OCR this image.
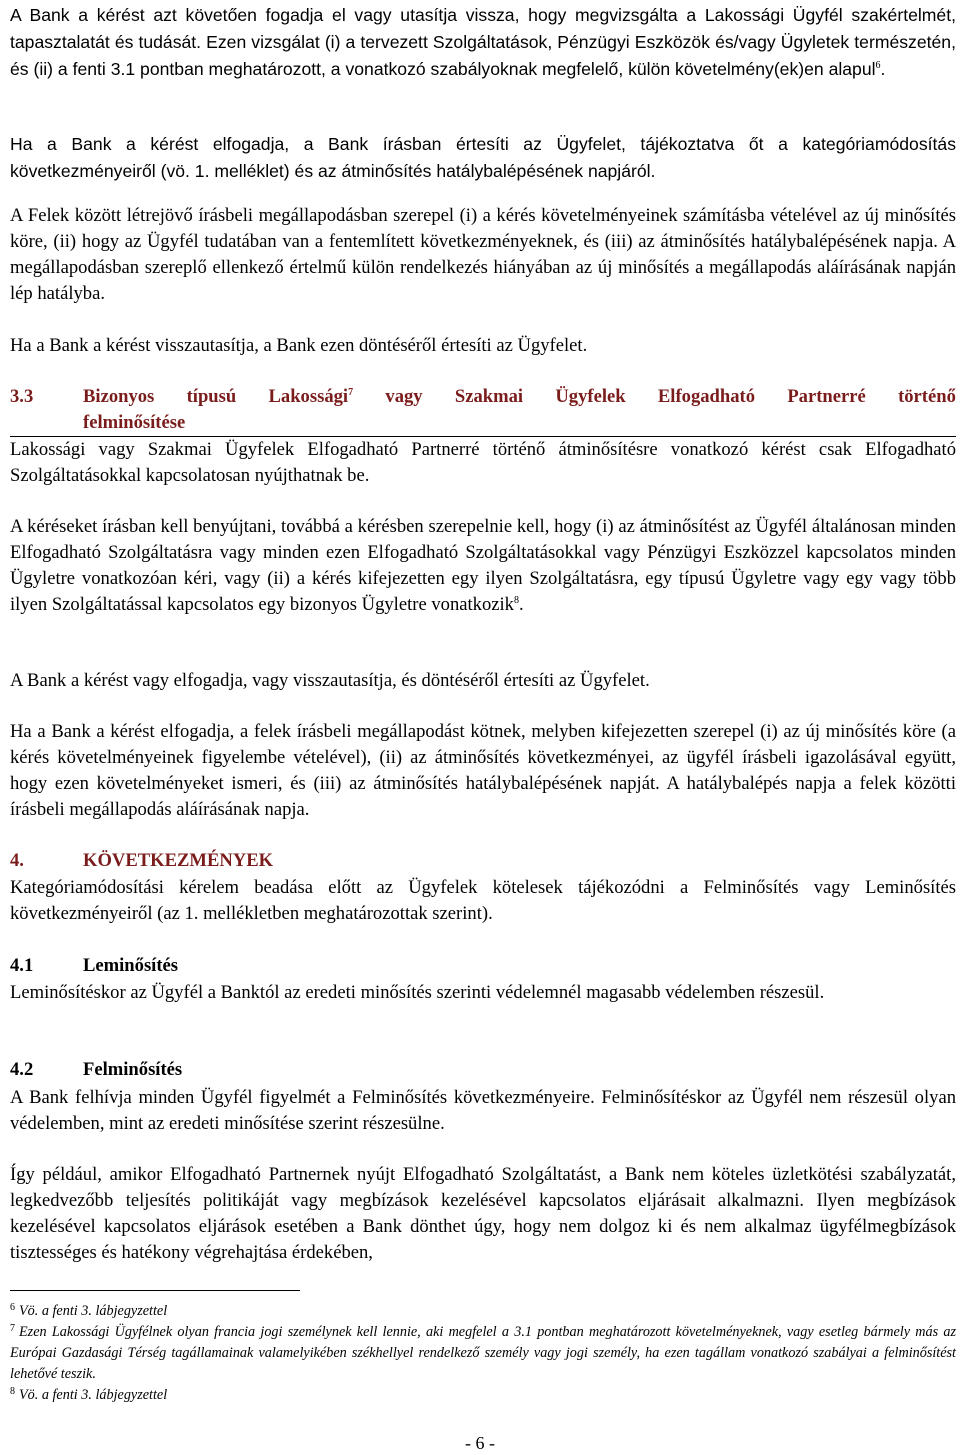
A Bank a kérést azt követően fogadja el vagy utasítja vissza, hogy megvizsgálta a Lakossági Ügyfél szakértelmét, tapasztalatát és tudását. Ezen vizsgálat (i) a tervezett Szolgáltatások, Pénzügyi Eszközök és/vagy Ügyletek természetén, és (ii) a fenti 3.1 pontban meghatározott, a vonatkozó szabályoknak megfelelő, külön követelmény(ek)en alapul$^6$.

Ha a Bank a kérést elfogadja, a Bank írásban értesíti az Ügyfelet, tájékoztatva őt a kategóriamódosítás következményeiről (vö. 1. melléklet) és az átminősítés hatálybalépésének napjáról.

A Felek között létrejövő írásbeli megállapodásban szerepel (i) a kérés követelményeinek számításba vételével az új minősítés köre, (ii) hogy az Ügyfél tudatában van a fentemlített következményeknek, és (iii) az átminősítés hatálybalépésének napja. A megállapodásban szereplő ellenkező értelmű külön rendelkezés hiányában az új minősítés a megállapodás aláírásának napján lép hatályba.

Ha a Bank a kérést visszautasítja, a Bank ezen döntéséről értesíti az Ügyfelet.

3.3	Bizonyos típusú Lakossági$^7$ vagy Szakmai Ügyfelek Elfogadható Partnerré történő
felminősítése

Lakossági vagy Szakmai Ügyfelek Elfogadható Partnerré történő átminősítésre vonatkozó kérést csak Elfogadható Szolgáltatásokkal kapcsolatosan nyújthatnak be.

A kéréseket írásban kell benyújtani, továbbá a kérésben szerepelnie kell, hogy (i) az átminősítést az Ügyfél általánosan minden Elfogadható Szolgáltatásra vagy minden ezen Elfogadható Szolgáltatásokkal vagy Pénzügyi Eszközzel kapcsolatos minden Ügyletre vonatkozóan kéri, vagy (ii) a kérés kifejezetten egy ilyen Szolgáltatásra, egy típusú Ügyletre vagy egy vagy több ilyen Szolgáltatással kapcsolatos egy bizonyos Ügyletre vonatkozik$^8$.

A Bank a kérést vagy elfogadja, vagy visszautasítja, és döntéséről értesíti az Ügyfelet.

Ha a Bank a kérést elfogadja, a felek írásbeli megállapodást kötnek, melyben kifejezetten szerepel (i) az új minősítés köre (a kérés követelményeinek figyelembe vételével), (ii) az átminősítés következményei, az ügyfél írásbeli igazolásával együtt, hogy ezen követelményeket ismeri, és (iii) az átminősítés hatálybalépésének napját. A hatálybalépés napja a felek közötti írásbeli megállapodás aláírásának napja.

4.	KÖVETKEZMÉNYEK

Kategóriamódosítási kérelem beadása előtt az Ügyfelek kötelesek tájékozódni a Felminősítés vagy Leminősítés következményeiről (az 1. mellékletben meghatározottak szerint).

4.1	Leminősítés

Leminősítéskor az Ügyfél a Banktól az eredeti minősítés szerinti védelemnél magasabb védelemben részesül.

4.2	Felminősítés

A Bank felhívja minden Ügyfél figyelmét a Felminősítés következményeire. Felminősítéskor az Ügyfél nem részesül olyan védelemben, mint az eredeti minősítése szerint részesülne.

Így például, amikor Elfogadható Partnernek nyújt Elfogadható Szolgáltatást, a Bank nem köteles üzletkötési szabályzatát, legkedvezőbb teljesítés politikáját vagy megbízások kezelésével kapcsolatos eljárásait alkalmazni. Ilyen megbízások kezelésével kapcsolatos eljárások esetében a Bank dönthet úgy, hogy nem dolgoz ki és nem alkalmaz ügyfélmegbízások tisztességes és hatékony végrehajtása érdekében,

$^6$ Vö. a fenti 3. lábjegyzettel

$^7$ Ezen Lakossági Ügyfélnek olyan francia jogi személynek kell lennie, aki megfelel a 3.1 pontban meghatározott követelményeknek, vagy esetleg bármely más az Európai Gazdasági Térség tagállamainak valamelyikében székhellyel rendelkező személy vagy jogi személy, ha ezen tagállam vonatkozó szabályai a felminősítést lehetővé teszik.

$^8$ Vö. a fenti 3. lábjegyzettel

- 6 -
